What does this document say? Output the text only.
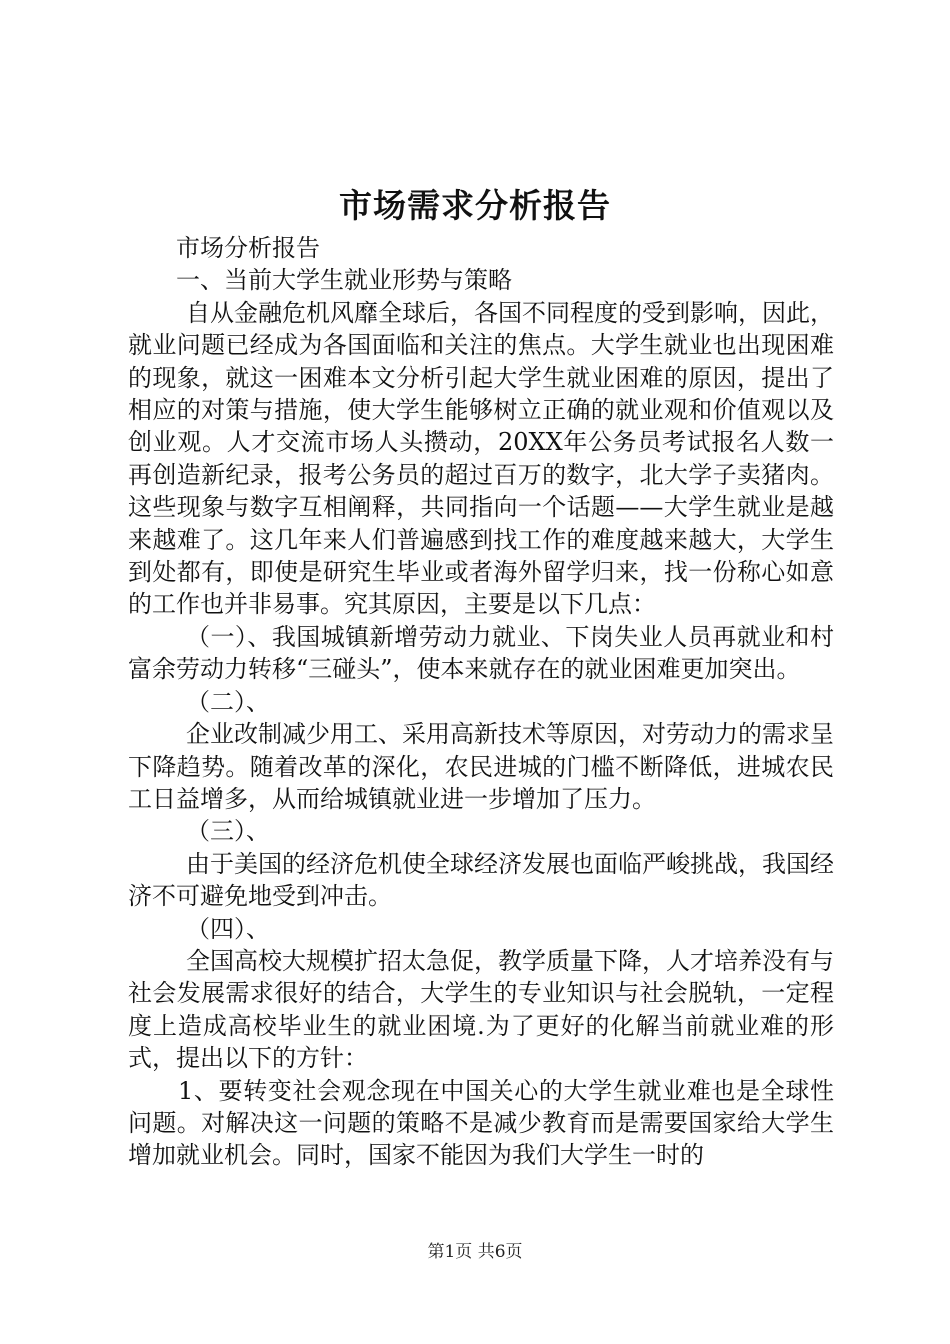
市场需求分析报告

市场分析报告

一、当前大学生就业形势与策略

自从金融危机风靡全球后，各国不同程度的受到影响，因此，就业问题已经成为各国面临和关注的焦点。大学生就业也出现困难的现象，就这一困难本文分析引起大学生就业困难的原因，提出了相应的对策与措施，使大学生能够树立正确的就业观和价值观以及创业观。人才交流市场人头攒动，20XX年公务员考试报名人数一再创造新纪录，报考公务员的超过百万的数字，北大学子卖猪肉。这些现象与数字互相阐释，共同指向一个话题——大学生就业是越来越难了。这几年来人们普遍感到找工作的难度越来越大，大学生到处都有，即使是研究生毕业或者海外留学归来，找一份称心如意的工作也并非易事。究其原因，主要是以下几点：

（一）、我国城镇新增劳动力就业、下岗失业人员再就业和村富余劳动力转移“三碰头”，使本来就存在的就业困难更加突出。

（二）、

企业改制减少用工、采用高新技术等原因，对劳动力的需求呈下降趋势。随着改革的深化，农民进城的门槛不断降低，进城农民工日益增多，从而给城镇就业进一步增加了压力。

（三）、

由于美国的经济危机使全球经济发展也面临严峻挑战，我国经济不可避免地受到冲击。

（四）、

全国高校大规模扩招太急促，教学质量下降，人才培养没有与社会发展需求很好的结合，大学生的专业知识与社会脱轨，一定程度上造成高校毕业生的就业困境.为了更好的化解当前就业难的形式，提出以下的方针：

1、要转变社会观念现在中国关心的大学生就业难也是全球性问题。对解决这一问题的策略不是减少教育而是需要国家给大学生增加就业机会。同时，国家不能因为我们大学生一时的

第1页 共6页
